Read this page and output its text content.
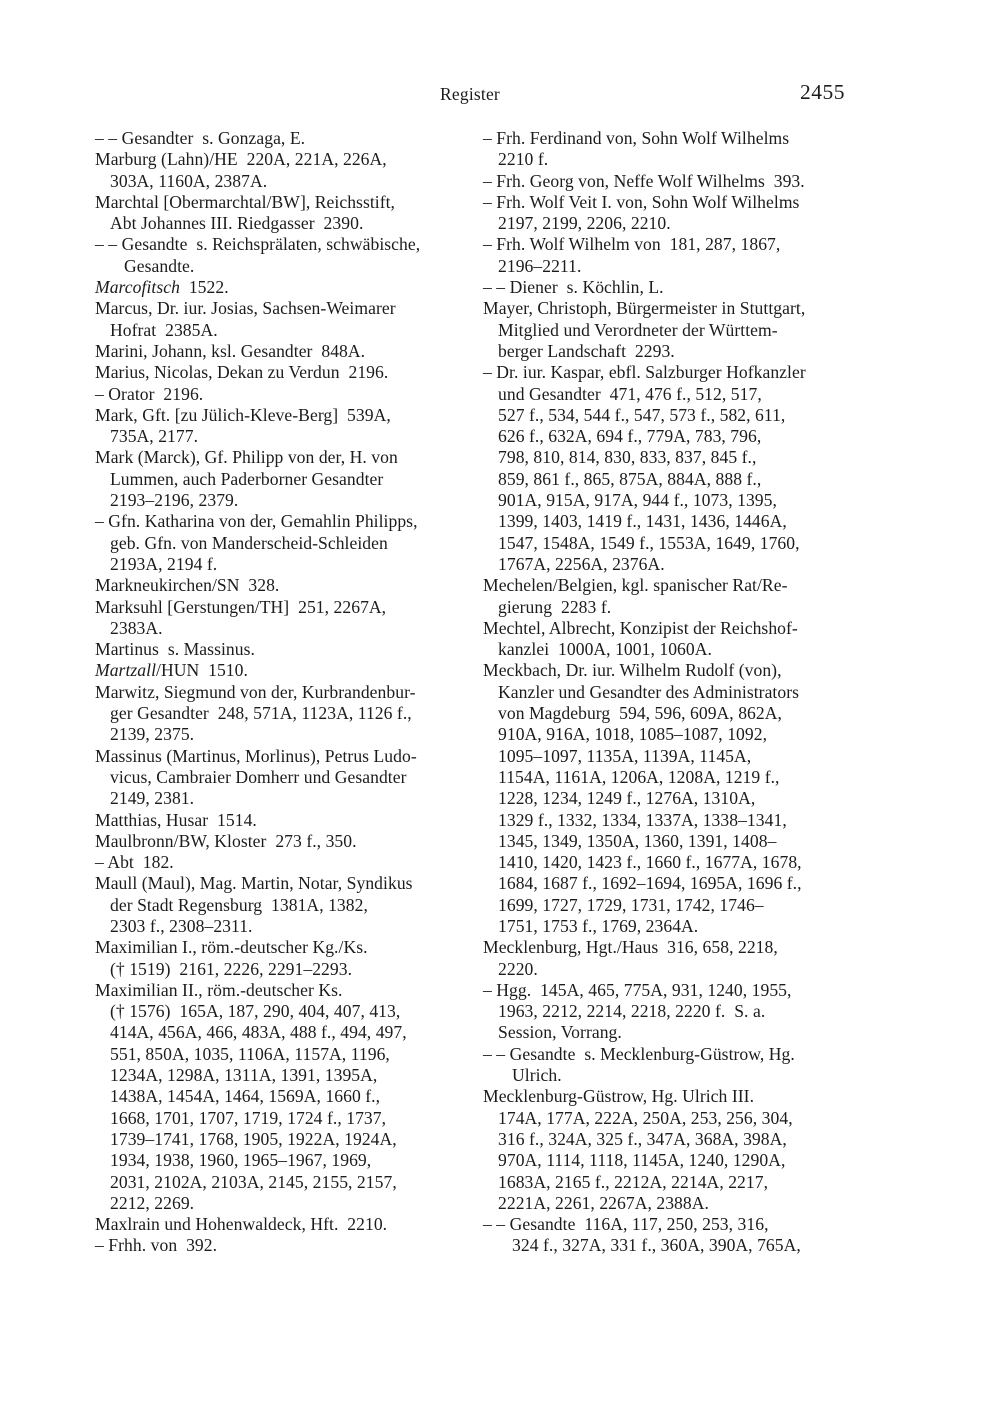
Register	2455
– – Gesandter  s. Gonzaga, E.
Marburg (Lahn)/HE  220A, 221A, 226A,
303A, 1160A, 2387A.
Marchtal [Obermarchtal/BW], Reichsstift,
Abt Johannes III. Riedgasser  2390.
– – Gesandte  s. Reichsprälaten, schwäbische,
Gesandte.
Marcofitsch  1522.
Marcus, Dr. iur. Josias, Sachsen-Weimarer
Hofrat  2385A.
Marini, Johann, ksl. Gesandter  848A.
Marius, Nicolas, Dekan zu Verdun  2196.
– Orator  2196.
Mark, Gft. [zu Jülich-Kleve-Berg]  539A,
735A, 2177.
Mark (Marck), Gf. Philipp von der, H. von
Lummen, auch Paderborner Gesandter
2193–2196, 2379.
– Gfn. Katharina von der, Gemahlin Philipps,
geb. Gfn. von Manderscheid-Schleiden
2193A, 2194 f.
Markneukirchen/SN  328.
Marksuhl [Gerstungen/TH]  251, 2267A,
2383A.
Martinus  s. Massinus.
Martzall/HUN  1510.
Marwitz, Siegmund von der, Kurbrandenbur-
ger Gesandter  248, 571A, 1123A, 1126 f.,
2139, 2375.
Massinus (Martinus, Morlinus), Petrus Ludo-
vicus, Cambraier Domherr und Gesandter
2149, 2381.
Matthias, Husar  1514.
Maulbronn/BW, Kloster  273 f., 350.
– Abt  182.
Maull (Maul), Mag. Martin, Notar, Syndikus
der Stadt Regensburg  1381A, 1382,
2303 f., 2308–2311.
Maximilian I., röm.-deutscher Kg./Ks.
(† 1519)  2161, 2226, 2291–2293.
Maximilian II., röm.-deutscher Ks.
(† 1576)  165A, 187, 290, 404, 407, 413,
414A, 456A, 466, 483A, 488 f., 494, 497,
551, 850A, 1035, 1106A, 1157A, 1196,
1234A, 1298A, 1311A, 1391, 1395A,
1438A, 1454A, 1464, 1569A, 1660 f.,
1668, 1701, 1707, 1719, 1724 f., 1737,
1739–1741, 1768, 1905, 1922A, 1924A,
1934, 1938, 1960, 1965–1967, 1969,
2031, 2102A, 2103A, 2145, 2155, 2157,
2212, 2269.
Maxlrain und Hohenwaldeck, Hft.  2210.
– Frhh. von  392.
– Frh. Ferdinand von, Sohn Wolf Wilhelms
2210 f.
– Frh. Georg von, Neffe Wolf Wilhelms  393.
– Frh. Wolf Veit I. von, Sohn Wolf Wilhelms
2197, 2199, 2206, 2210.
– Frh. Wolf Wilhelm von  181, 287, 1867,
2196–2211.
– – Diener  s. Köchlin, L.
Mayer, Christoph, Bürgermeister in Stuttgart,
Mitglied und Verordneter der Württem-
berger Landschaft  2293.
– Dr. iur. Kaspar, ebfl. Salzburger Hofkanzler
und Gesandter  471, 476 f., 512, 517,
527 f., 534, 544 f., 547, 573 f., 582, 611,
626 f., 632A, 694 f., 779A, 783, 796,
798, 810, 814, 830, 833, 837, 845 f.,
859, 861 f., 865, 875A, 884A, 888 f.,
901A, 915A, 917A, 944 f., 1073, 1395,
1399, 1403, 1419 f., 1431, 1436, 1446A,
1547, 1548A, 1549 f., 1553A, 1649, 1760,
1767A, 2256A, 2376A.
Mechelen/Belgien, kgl. spanischer Rat/Re-
gierung  2283 f.
Mechtel, Albrecht, Konzipist der Reichshof-
kanzlei  1000A, 1001, 1060A.
Meckbach, Dr. iur. Wilhelm Rudolf (von),
Kanzler und Gesandter des Administrators
von Magdeburg  594, 596, 609A, 862A,
910A, 916A, 1018, 1085–1087, 1092,
1095–1097, 1135A, 1139A, 1145A,
1154A, 1161A, 1206A, 1208A, 1219 f.,
1228, 1234, 1249 f., 1276A, 1310A,
1329 f., 1332, 1334, 1337A, 1338–1341,
1345, 1349, 1350A, 1360, 1391, 1408–
1410, 1420, 1423 f., 1660 f., 1677A, 1678,
1684, 1687 f., 1692–1694, 1695A, 1696 f.,
1699, 1727, 1729, 1731, 1742, 1746–
1751, 1753 f., 1769, 2364A.
Mecklenburg, Hgt./Haus  316, 658, 2218,
2220.
– Hgg.  145A, 465, 775A, 931, 1240, 1955,
1963, 2212, 2214, 2218, 2220 f.  S. a.
Session, Vorrang.
– – Gesandte  s. Mecklenburg-Güstrow, Hg.
Ulrich.
Mecklenburg-Güstrow, Hg. Ulrich III.
174A, 177A, 222A, 250A, 253, 256, 304,
316 f., 324A, 325 f., 347A, 368A, 398A,
970A, 1114, 1118, 1145A, 1240, 1290A,
1683A, 2165 f., 2212A, 2214A, 2217,
2221A, 2261, 2267A, 2388A.
– – Gesandte  116A, 117, 250, 253, 316,
324 f., 327A, 331 f., 360A, 390A, 765A,
